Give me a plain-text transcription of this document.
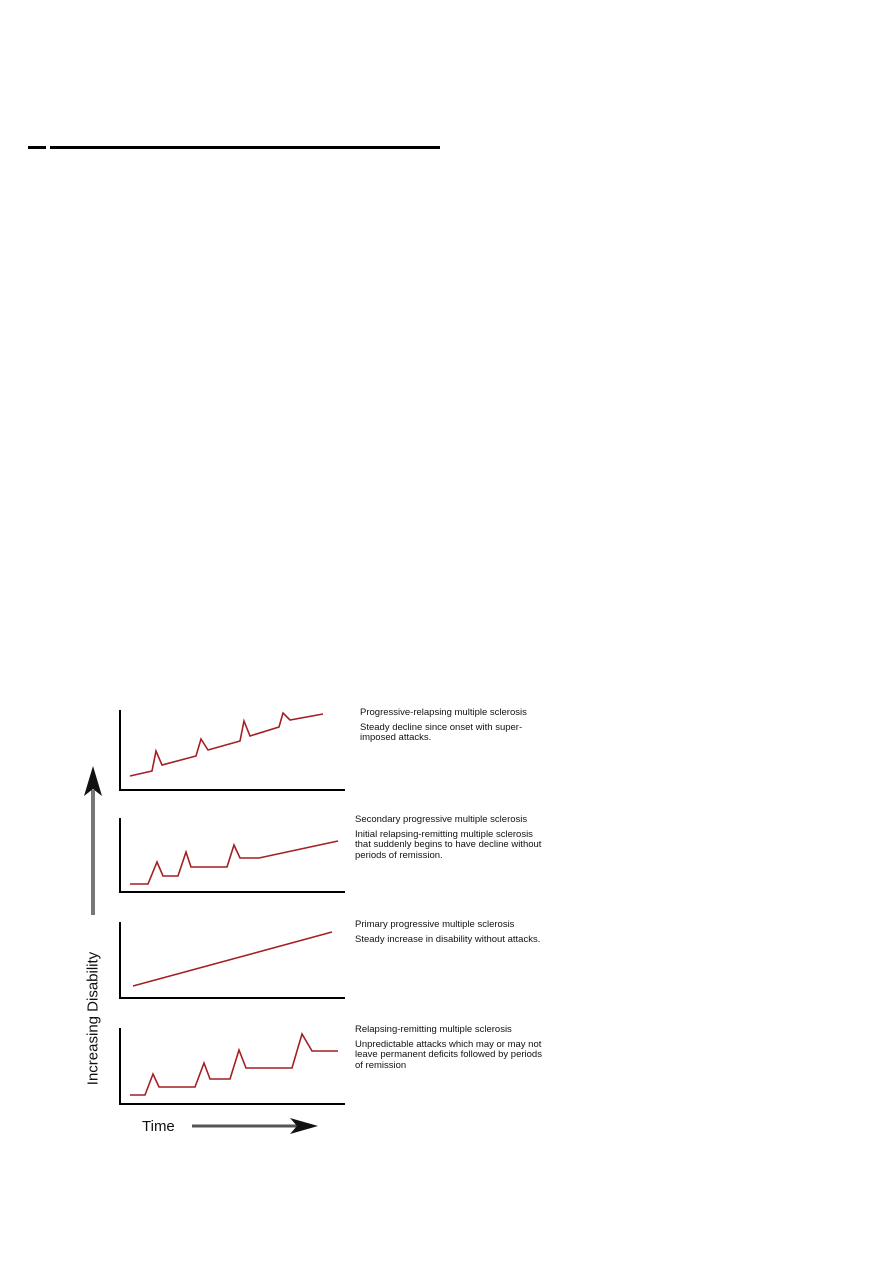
Progressive-relapsing multiple sclerosis
Steady decline since onset with super-
imposed attacks.
Secondary progressive multiple sclerosis
Initial relapsing-remitting multiple sclerosis
that suddenly begins to have decline without
periods of remission.
Primary progressive multiple sclerosis
Steady increase in disability without attacks.
Relapsing-remitting multiple sclerosis
Unpredictable attacks which may or may not
leave permanent deficits followed by periods
of remission
Increasing Disability
Time
